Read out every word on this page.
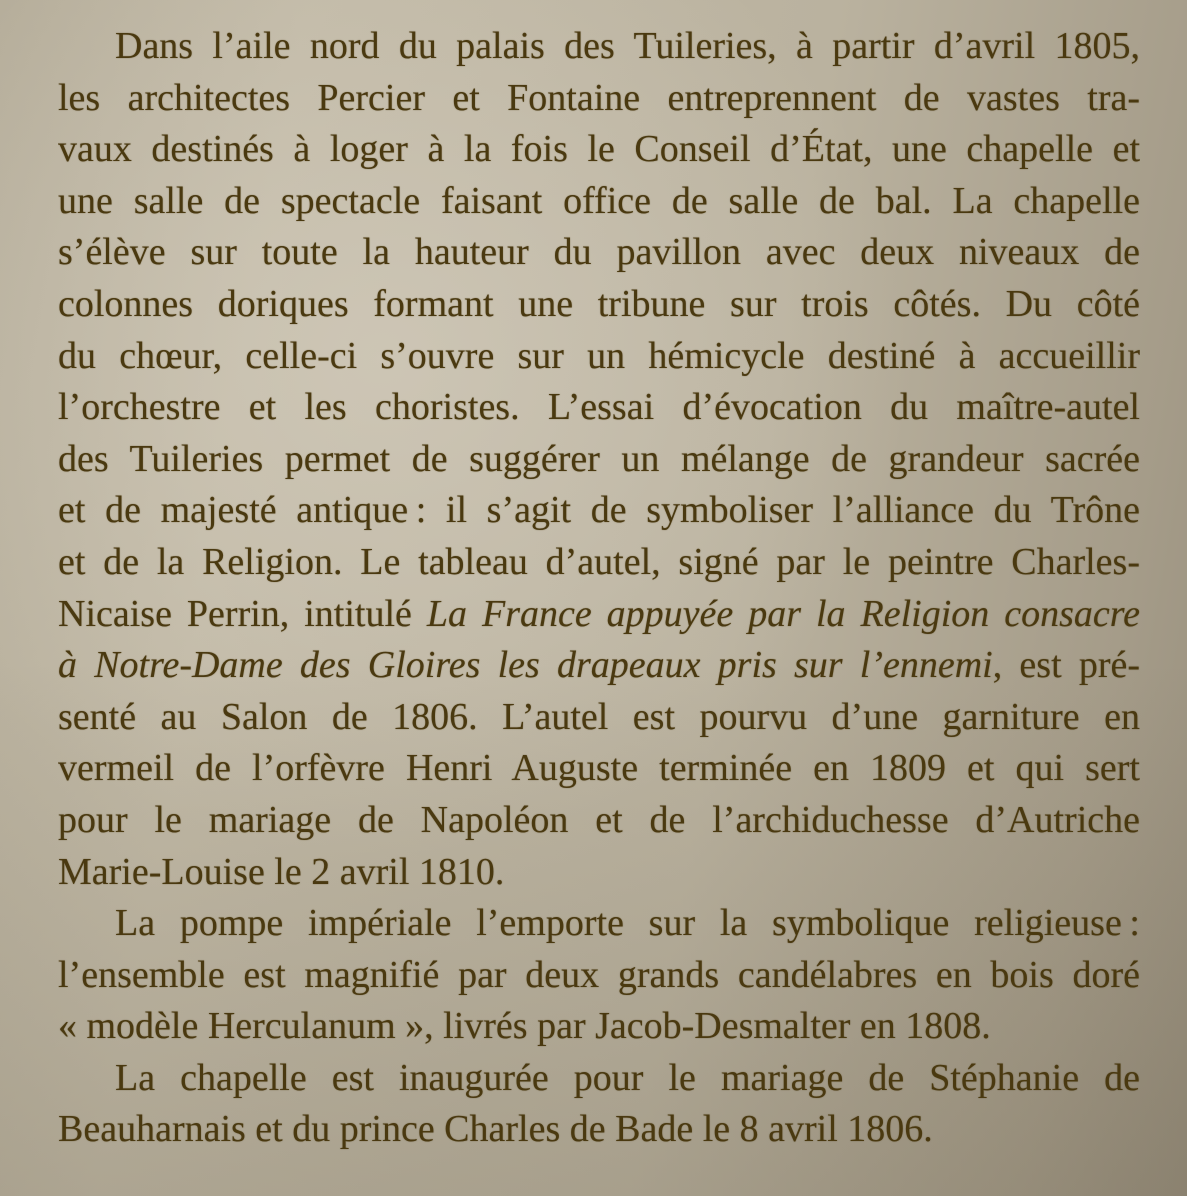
Dans l’aile nord du palais des Tuileries, à partir d’avril 1805,
les architectes Percier et Fontaine entreprennent de vastes tra-
vaux destinés à loger à la fois le Conseil d’État, une chapelle et
une salle de spectacle faisant office de salle de bal. La chapelle
s’élève sur toute la hauteur du pavillon avec deux niveaux de
colonnes doriques formant une tribune sur trois côtés. Du côté
du chœur, celle-ci s’ouvre sur un hémicycle destiné à accueillir
l’orchestre et les choristes. L’essai d’évocation du maître-autel
des Tuileries permet de suggérer un mélange de grandeur sacrée
et de majesté antique : il s’agit de symboliser l’alliance du Trône
et de la Religion. Le tableau d’autel, signé par le peintre Charles-
Nicaise Perrin, intitulé La France appuyée par la Religion consacre
à Notre-Dame des Gloires les drapeaux pris sur l’ennemi, est pré-
senté au Salon de 1806. L’autel est pourvu d’une garniture en
vermeil de l’orfèvre Henri Auguste terminée en 1809 et qui sert
pour le mariage de Napoléon et de l’archiduchesse d’Autriche
Marie-Louise le 2 avril 1810.
La pompe impériale l’emporte sur la symbolique religieuse :
l’ensemble est magnifié par deux grands candélabres en bois doré
« modèle Herculanum », livrés par Jacob-Desmalter en 1808.
La chapelle est inaugurée pour le mariage de Stéphanie de
Beauharnais et du prince Charles de Bade le 8 avril 1806.
